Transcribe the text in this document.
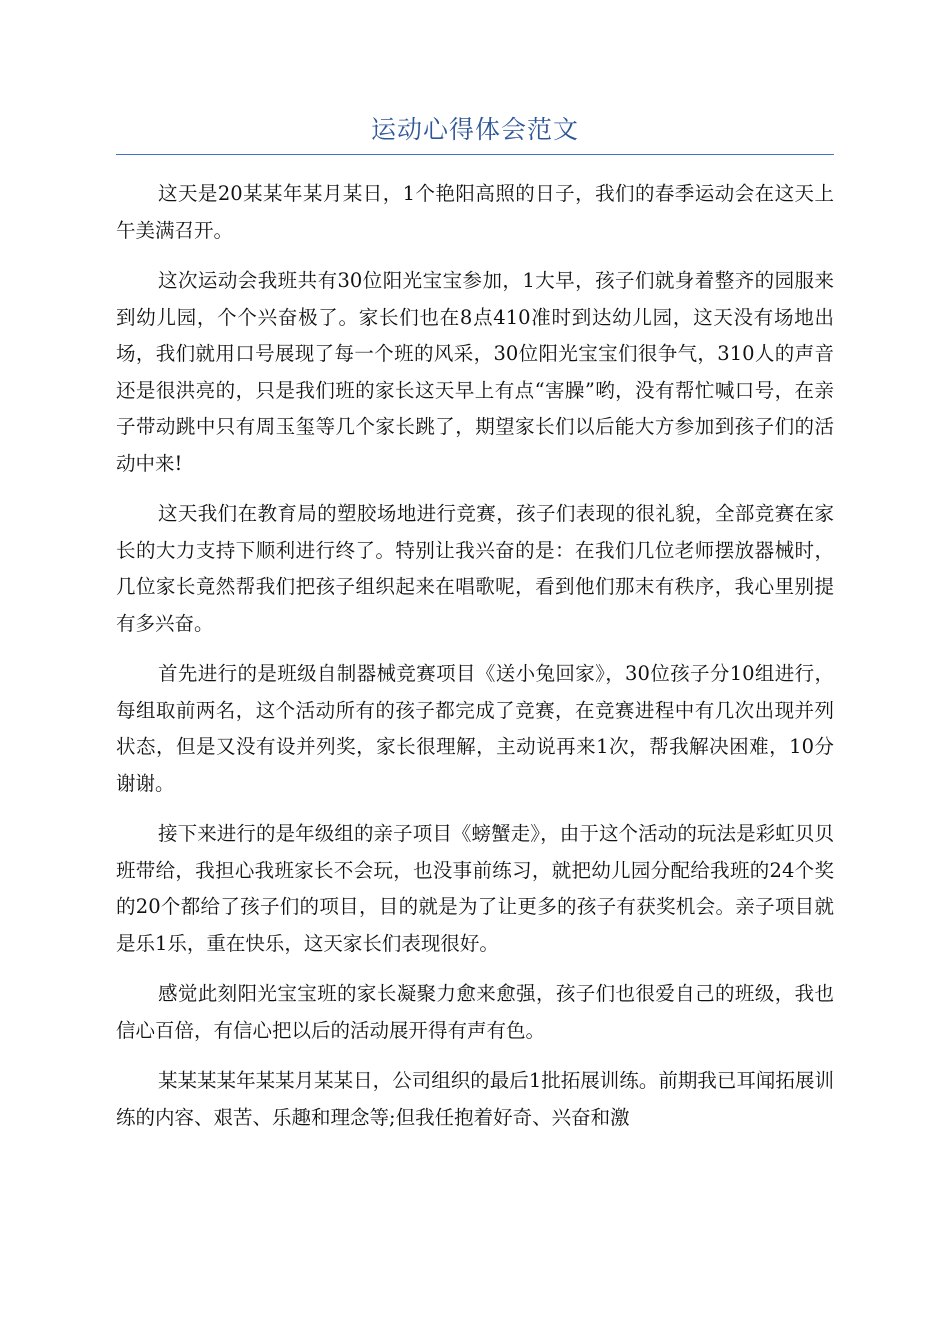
运动心得体会范文

这天是20某某年某月某日，1个艳阳高照的日子，我们的春季运动会在这天上午美满召开。

这次运动会我班共有30位阳光宝宝参加，1大早，孩子们就身着整齐的园服来到幼儿园，个个兴奋极了。家长们也在8点410准时到达幼儿园，这天没有场地出场，我们就用口号展现了每一个班的风采，30位阳光宝宝们很争气，310人的声音还是很洪亮的，只是我们班的家长这天早上有点“害臊”哟，没有帮忙喊口号，在亲子带动跳中只有周玉玺等几个家长跳了，期望家长们以后能大方参加到孩子们的活动中来!

这天我们在教育局的塑胶场地进行竞赛，孩子们表现的很礼貌，全部竞赛在家长的大力支持下顺利进行终了。特别让我兴奋的是：在我们几位老师摆放器械时，几位家长竟然帮我们把孩子组织起来在唱歌呢，看到他们那末有秩序，我心里别提有多兴奋。

首先进行的是班级自制器械竞赛项目《送小兔回家》，30位孩子分10组进行，每组取前两名，这个活动所有的孩子都完成了竞赛，在竞赛进程中有几次出现并列状态，但是又没有设并列奖，家长很理解，主动说再来1次，帮我解决困难，10分谢谢。

接下来进行的是年级组的亲子项目《螃蟹走》，由于这个活动的玩法是彩虹贝贝班带给，我担心我班家长不会玩，也没事前练习，就把幼儿园分配给我班的24个奖的20个都给了孩子们的项目，目的就是为了让更多的孩子有获奖机会。亲子项目就是乐1乐，重在快乐，这天家长们表现很好。

感觉此刻阳光宝宝班的家长凝聚力愈来愈强，孩子们也很爱自己的班级，我也信心百倍，有信心把以后的活动展开得有声有色。

某某某某年某某月某某日，公司组织的最后1批拓展训练。前期我已耳闻拓展训练的内容、艰苦、乐趣和理念等;但我任抱着好奇、兴奋和激
